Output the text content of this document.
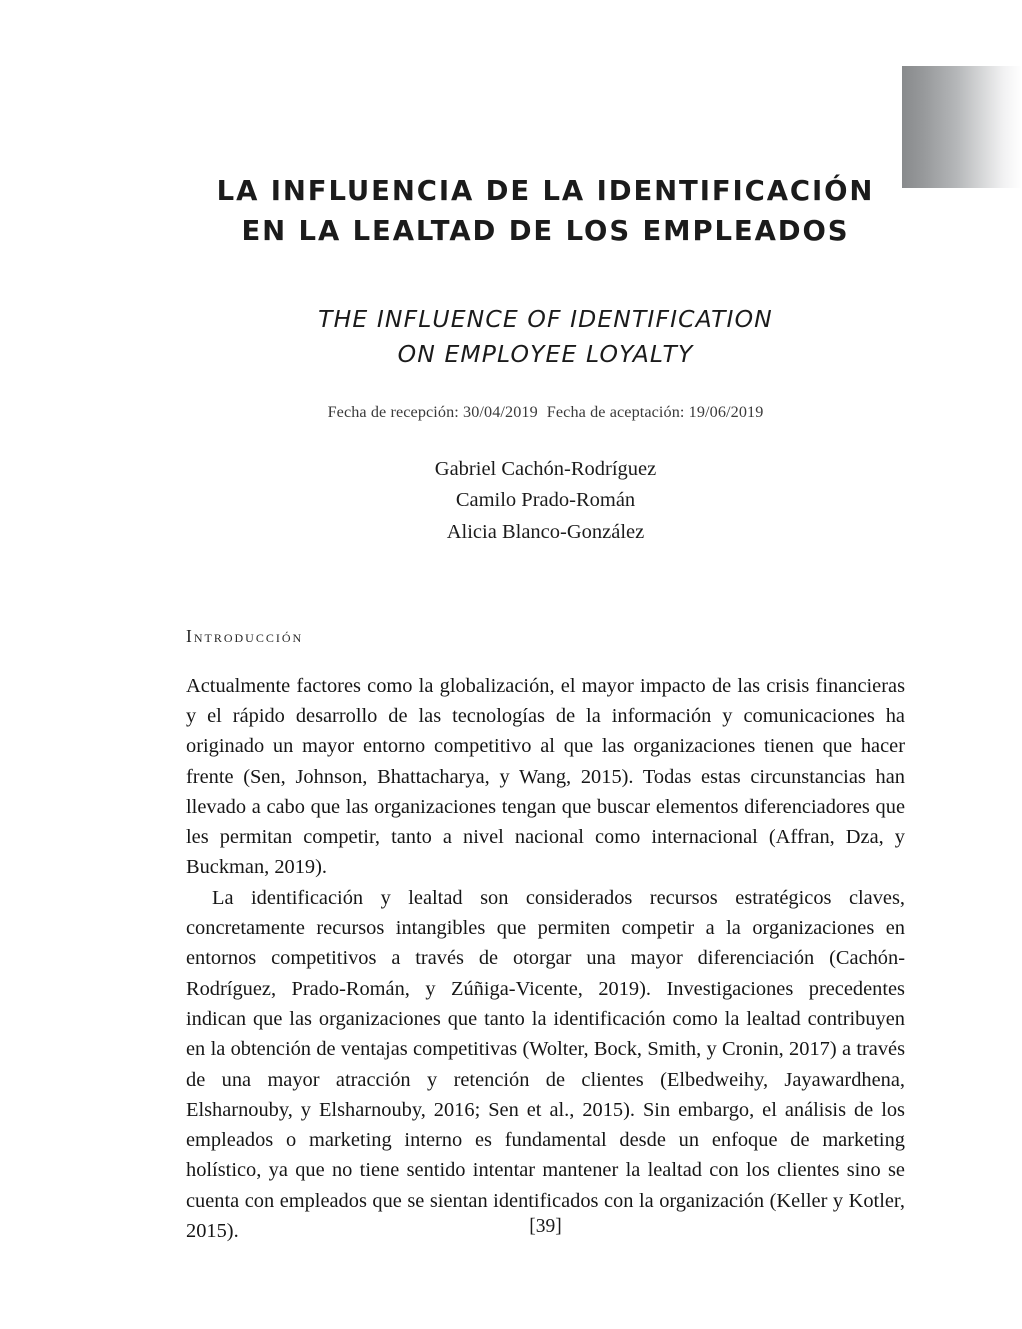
LA INFLUENCIA DE LA IDENTIFICACIÓN
EN LA LEALTAD DE LOS EMPLEADOS
THE INFLUENCE OF IDENTIFICATION
ON EMPLOYEE LOYALTY
Fecha de recepción: 30/04/2019 Fecha de aceptación: 19/06/2019
Gabriel Cachón-Rodríguez
Camilo Prado-Román
Alicia Blanco-González
Introducción

Actualmente factores como la globalización, el mayor impacto de las crisis financieras y el rápido desarrollo de las tecnologías de la información y comunicaciones ha originado un mayor entorno competitivo al que las organizaciones tienen que hacer frente (Sen, Johnson, Bhattacharya, y Wang, 2015). Todas estas circunstancias han llevado a cabo que las organizaciones tengan que buscar elementos diferenciadores que les permitan competir, tanto a nivel nacional como internacional (Affran, Dza, y Buckman, 2019).

La identificación y lealtad son considerados recursos estratégicos claves, concretamente recursos intangibles que permiten competir a la organizaciones en entornos competitivos a través de otorgar una mayor diferenciación (Cachón-Rodríguez, Prado-Román, y Zúñiga-Vicente, 2019). Investigaciones precedentes indican que las organizaciones que tanto la identificación como la lealtad contribuyen en la obtención de ventajas competitivas (Wolter, Bock, Smith, y Cronin, 2017) a través de una mayor atracción y retención de clientes (Elbedweihy, Jayawardhena, Elsharnouby, y Elsharnouby, 2016; Sen et al., 2015). Sin embargo, el análisis de los empleados o marketing interno es fundamental desde un enfoque de marketing holístico, ya que no tiene sentido intentar mantener la lealtad con los clientes sino se cuenta con empleados que se sientan identificados con la organización (Keller y Kotler, 2015).	[39]
